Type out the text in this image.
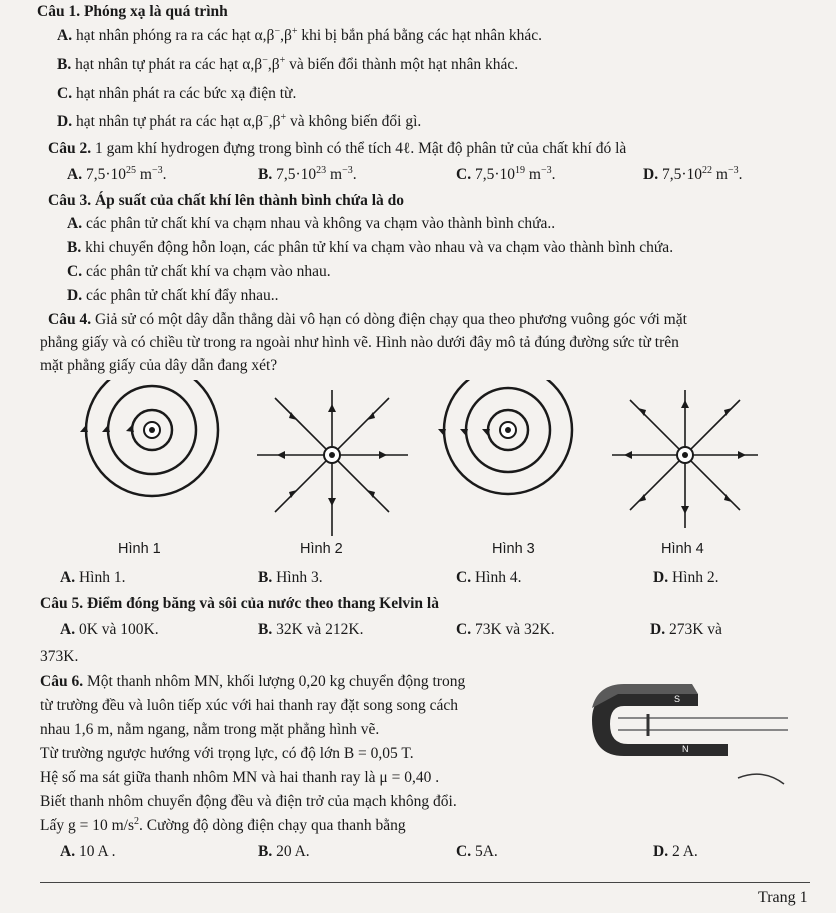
Câu 1. Phóng xạ là quá trình
A. hạt nhân phóng ra ra các hạt α,β−,β+ khi bị bắn phá bằng các hạt nhân khác.
B. hạt nhân tự phát ra các hạt α,β−,β+ và biến đổi thành một hạt nhân khác.
C. hạt nhân phát ra các bức xạ điện từ.
D. hạt nhân tự phát ra các hạt α,β−,β+ và không biến đổi gì.
Câu 2. 1 gam khí hydrogen đựng trong bình có thể tích 4ℓ. Mật độ phân tử của chất khí đó là
A. $7,5\cdot 10^{25}$ $m^{-3}$.	B. $7,5\cdot 10^{23}$ $m^{-3}$.	C. $7,5\cdot 10^{19}$ $m^{-3}$.	D. $7,5\cdot 10^{22}$ $m^{-3}$.
Câu 3. Áp suất của chất khí lên thành bình chứa là do
A. các phân tử chất khí va chạm nhau và không va chạm vào thành bình chứa..
B. khi chuyển động hỗn loạn, các phân tử khí va chạm vào nhau và va chạm vào thành bình chứa.
C. các phân tử chất khí va chạm vào nhau.
D. các phân tử chất khí đẩy nhau..
Câu 4. Giả sử có một dây dẫn thẳng dài vô hạn có dòng điện chạy qua theo phương vuông góc với mặt
phẳng giấy và có chiều từ trong ra ngoài như hình vẽ. Hình nào dưới đây mô tả đúng đường sức từ trên
mặt phẳng giấy của dây dẫn đang xét?
Hình 1	Hình 2	Hình 3	Hình 4
A. Hình 1.	B. Hình 3.	C. Hình 4.	D. Hình 2.
Câu 5. Điểm đóng băng và sôi của nước theo thang Kelvin là
A. 0K và 100K.	B. 32K và 212K.	C. 73K và 32K.	D. 273K và
373K.
Câu 6. Một thanh nhôm MN, khối lượng 0,20 kg chuyển động trong
từ trường đều và luôn tiếp xúc với hai thanh ray đặt song song cách
nhau 1,6 m, nằm ngang, nằm trong mặt phẳng hình vẽ.
Từ trường ngược hướng với trọng lực, có độ lớn B = 0,05 T.
Hệ số ma sát giữa thanh nhôm MN và hai thanh ray là μ = 0,40 .
Biết thanh nhôm chuyển động đều và điện trở của mạch không đổi.
Lấy g = 10 $m/s^2$. Cường độ dòng điện chạy qua thanh bằng
S
N
A. 10 A .	B. 20 A.	C. 5A.	D. 2 A.
Trang 1
